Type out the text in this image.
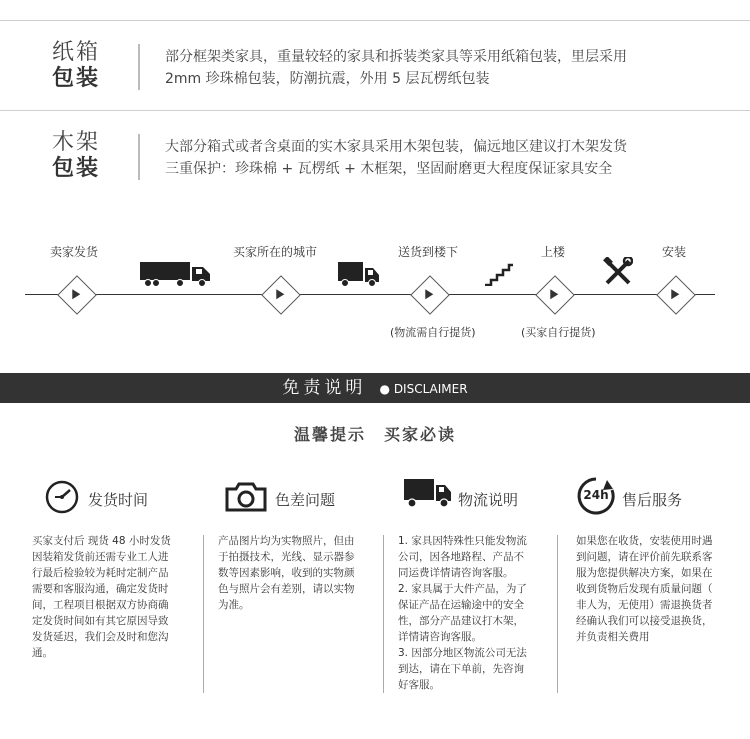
纸箱
包装
部分框架类家具，重量较轻的家具和拆装类家具等采用纸箱包装，里层采用
2mm 珍珠棉包装，防潮抗震，外用 5 层瓦楞纸包装
木架
包装
大部分箱式或者含桌面的实木家具采用木架包装，偏远地区建议打木架发货
三重保护：珍珠棉 + 瓦楞纸 + 木框架，坚固耐磨更大程度保证家具安全
卖家发货	买家所在的城市	送货到楼下	上楼	安装
(物流需自行提货)	(买家自行提货)
免责说明 ● DISCLAIMER
温馨提示　买家必读
24h
发货时间	色差问题	物流说明	售后服务
买家支付后 现货 48 小时发货
因装箱发货前还需专业工人进
行最后检验较为耗时定制产品
需要和客服沟通，确定发货时
间，工程项目根据双方协商确
定发货时间如有其它原因导致
发货延迟，我们会及时和您沟
通。
产品图片均为实物照片，但由
于拍摄技术，光线、显示器参
数等因素影响，收到的实物颜
色与照片会有差别，请以实物
为准。
1. 家具因特殊性只能发物流
公司，因各地路程、产品不
同运费详情请咨询客服。
2. 家具属于大件产品，为了
保证产品在运输途中的安全
性，部分产品建议打木架，
详情请咨询客服。
3. 因部分地区物流公司无法
到达，请在下单前，先咨询
好客服。
如果您在收货，安装使用时遇
到问题，请在评价前先联系客
服为您提供解决方案，如果在
收到货物后发现有质量问题（
非人为，无使用）需退换货者
经确认我们可以接受退换货，
并负责相关费用
